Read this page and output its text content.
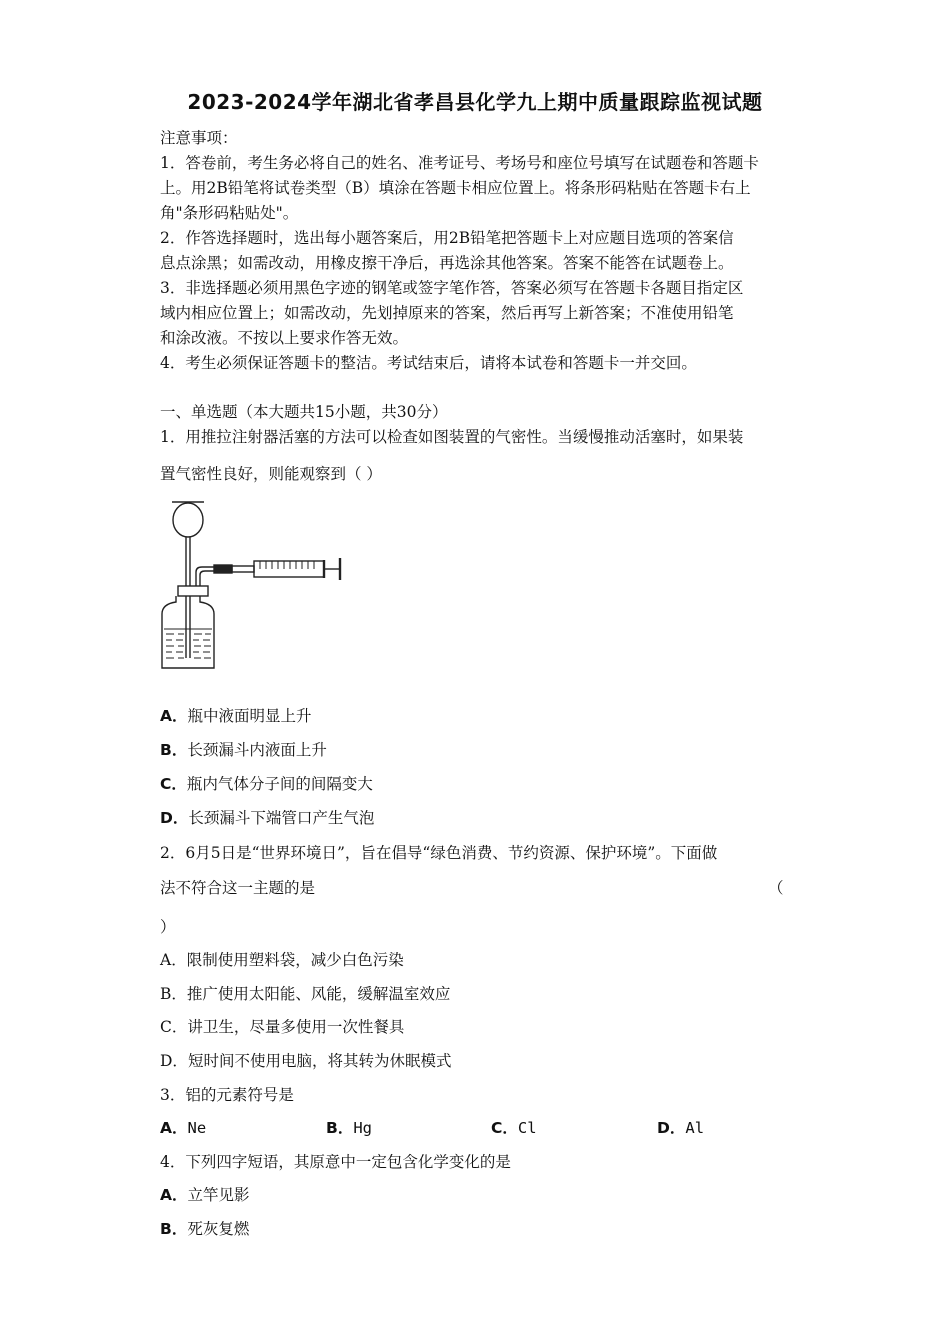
2023-2024学年湖北省孝昌县化学九上期中质量跟踪监视试题
注意事项：
1．答卷前，考生务必将自己的姓名、准考证号、考场号和座位号填写在试题卷和答题卡
上。用2B铅笔将试卷类型（B）填涂在答题卡相应位置上。将条形码粘贴在答题卡右上
角"条形码粘贴处"。
2．作答选择题时，选出每小题答案后，用2B铅笔把答题卡上对应题目选项的答案信
息点涂黑；如需改动，用橡皮擦干净后，再选涂其他答案。答案不能答在试题卷上。
3．非选择题必须用黑色字迹的钢笔或签字笔作答，答案必须写在答题卡各题目指定区
域内相应位置上；如需改动，先划掉原来的答案，然后再写上新答案；不准使用铅笔
和涂改液。不按以上要求作答无效。
4．考生必须保证答题卡的整洁。考试结束后，请将本试卷和答题卡一并交回。
一、单选题（本大题共15小题，共30分）
1．用推拉注射器活塞的方法可以检查如图装置的气密性。当缓慢推动活塞时，如果装
置气密性良好，则能观察到（ ）
A．瓶中液面明显上升
B．长颈漏斗内液面上升
C．瓶内气体分子间的间隔变大
D．长颈漏斗下端管口产生气泡
2．6月5日是“世界环境日”，旨在倡导“绿色消费、节约资源、保护环境”。下面做
法不符合这一主题的是	（
）
A．限制使用塑料袋，减少白色污染
B．推广使用太阳能、风能，缓解温室效应
C．讲卫生，尽量多使用一次性餐具
D．短时间不使用电脑，将其转为休眠模式
3．铝的元素符号是
A．Ne	B．Hg	C．Cl	D．Al
4．下列四字短语，其原意中一定包含化学变化的是
A．立竿见影
B．死灰复燃
